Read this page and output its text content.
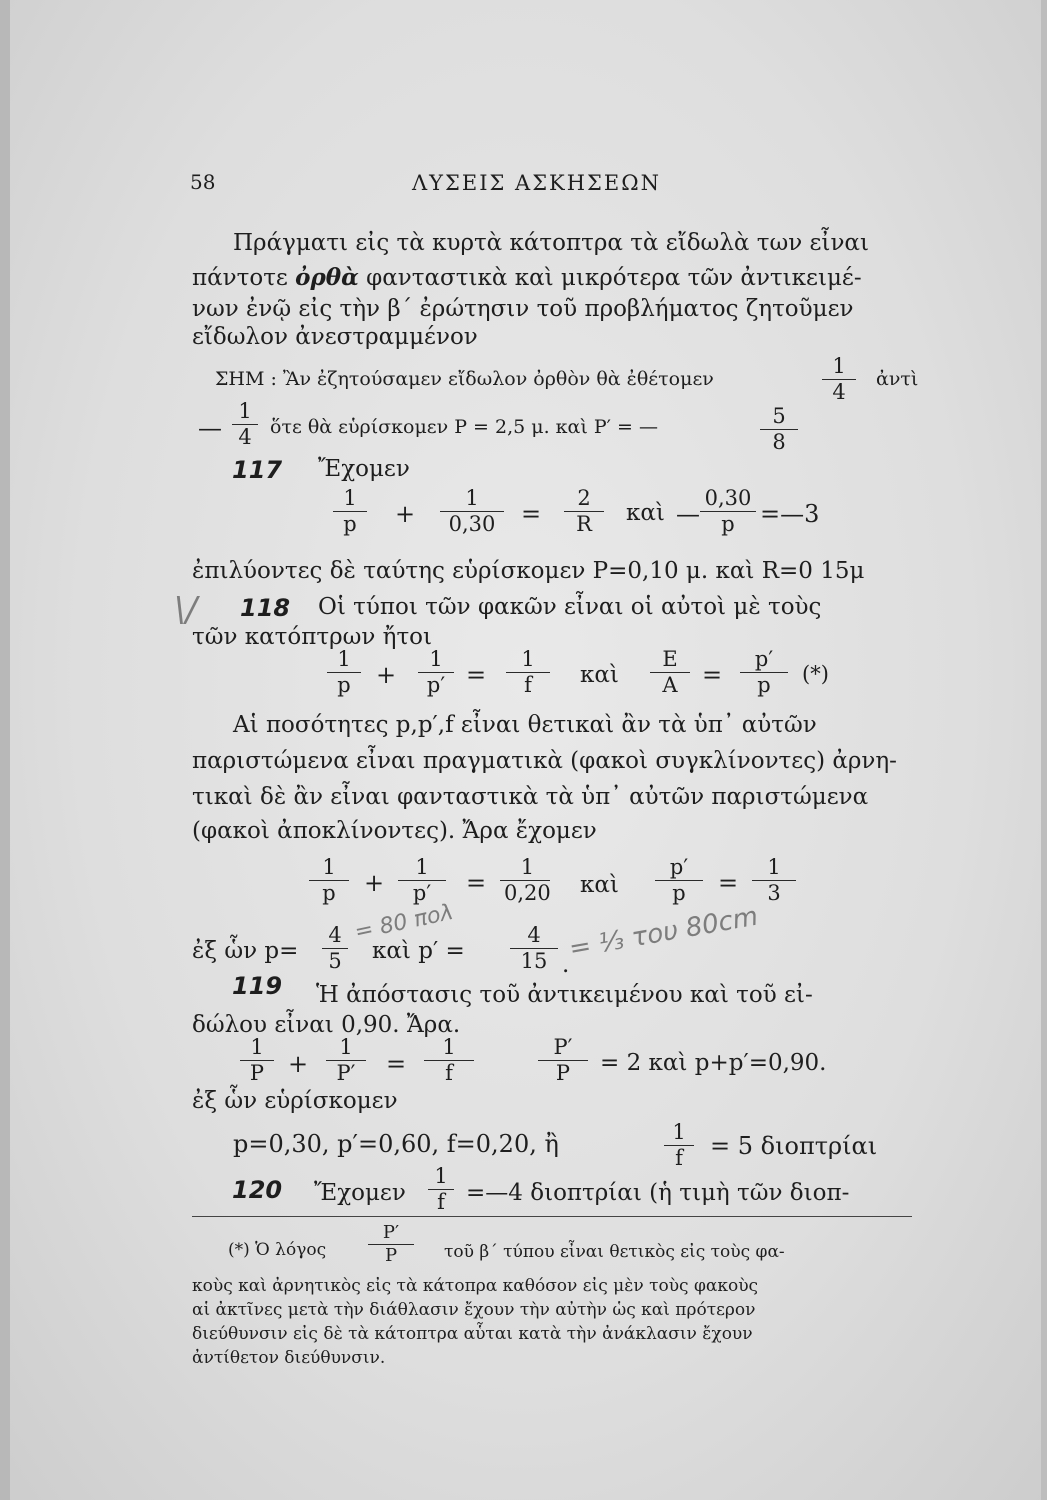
58	ΛΥΣΕΙΣ ΑΣΚΗΣΕΩΝ
Πράγματι εἰς τὰ κυρτὰ κάτοπτρα τὰ εἴδωλὰ των εἶναι
πάντοτε ὀρθὰ φανταστικὰ καὶ μικρότερα τῶν ἀντικειμέ-
νων ἐνῷ εἰς τὴν β΄ ἐρώτησιν τοῦ προβλήματος ζητοῦμεν
εἴδωλον ἀνεστραμμένον
ΣΗΜ : Ἂν ἐζητούσαμεν εἴδωλον ὀρθὸν θὰ ἐθέτομεν
1
4
ἀντὶ
—
1
4 ὅτε θὰ εὑρίσκομεν P = 2,5 μ. καὶ P′ = —	5
8
117 Ἔχομεν
1
p +
1
0,30 =
2
R καὶ —
0,30
p =—3
ἐπιλύοντες δὲ ταύτης εὑρίσκομεν P=0,10 μ. καὶ R=0 15μ
118 Οἱ τύποι τῶν φακῶν εἶναι οἱ αὐτοὶ μὲ τοὺς
τῶν κατόπτρων ἤτοι
1
p +
1
p′ =
1
f καὶ
E
A =
p′
p (*)
Αἱ ποσότητες p,p′,f εἶναι θετικαὶ ἂν τὰ ὑπ᾽ αὐτῶν
παριστώμενα εἶναι πραγματικὰ (φακοὶ συγκλίνοντες) ἀρνη-
τικαὶ δὲ ἂν εἶναι φανταστικὰ τὰ ὑπ᾽ αὐτῶν παριστώμενα
(φακοὶ ἀποκλίνοντες). Ἄρα ἔχομεν
1
p +
1
p′ =
1
0,20 καὶ
p′
p =
1
3
ἐξ ὧν p=
4
5 καὶ p′ =
4
15 .
= 80 πολ	= ⅓ του 80cm
\/
119 Ἡ ἀπόστασις τοῦ ἀντικειμένου καὶ τοῦ εἰ-
δώλου εἶναι 0,90. Ἄρα.
1
P +
1
P′ =
1
f
P′
P = 2 καὶ p+p′=0,90.
ἐξ ὧν εὑρίσκομεν
p=0,30, p′=0,60, f=0,20, ἢ	1
f = 5 διοπτρίαι
120 Ἔχομεν
1
f =—4 διοπτρίαι (ἡ τιμὴ τῶν διοπ-
(*) Ὁ λόγος
P′
P	τοῦ β΄ τύπου εἶναι θετικὸς εἰς τοὺς φα-
κοὺς καὶ ἀρνητικὸς εἰς τὰ κάτοπρα καθόσον εἰς μὲν τοὺς φακοὺς
αἱ ἀκτῖνες μετὰ τὴν διάθλασιν ἔχουν τὴν αὐτὴν ὡς καὶ πρότερον
διεύθυνσιν εἰς δὲ τὰ κάτοπτρα αὗται κατὰ τὴν ἀνάκλασιν ἔχουν
ἀντίθετον διεύθυνσιν.
